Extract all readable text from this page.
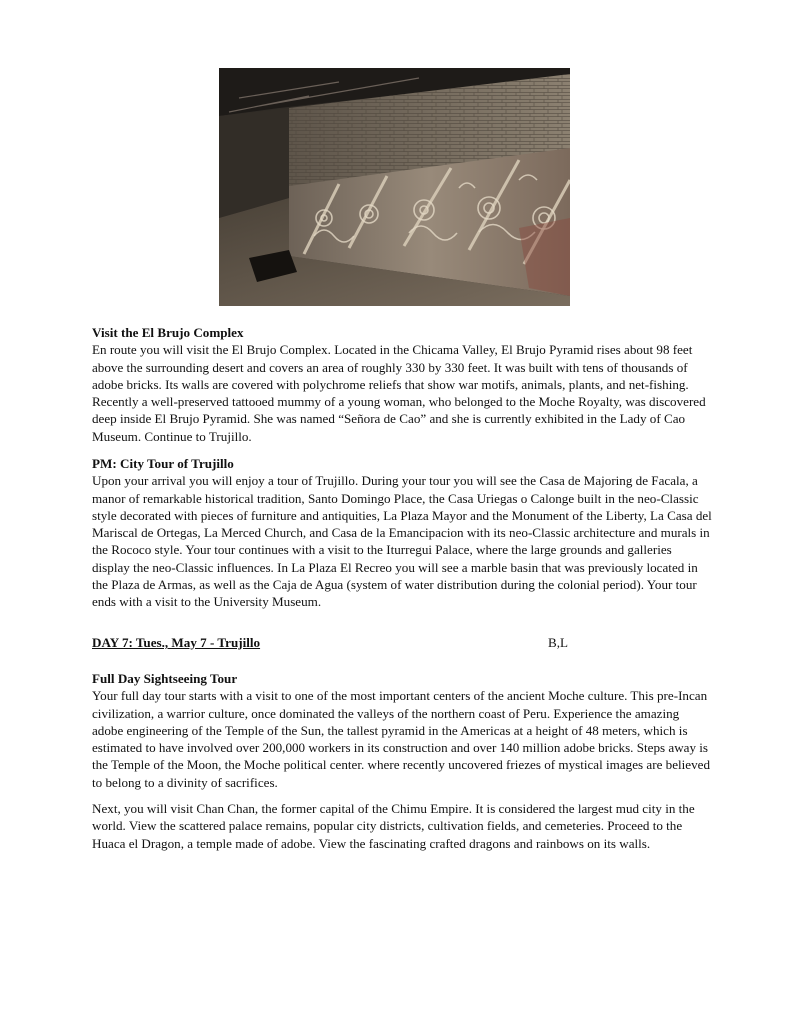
Visit the El Brujo Complex

En route you will visit the El Brujo Complex. Located in the Chicama Valley, El Brujo Pyramid rises about 98 feet above the surrounding desert and covers an area of roughly 330 by 330 feet. It was built with tens of thousands of adobe bricks. Its walls are covered with polychrome reliefs that show war motifs, animals, plants, and net-fishing. Recently a well-preserved tattooed mummy of a young woman, who belonged to the Moche Royalty, was discovered deep inside El Brujo Pyramid. She was named “Señora de Cao” and she is currently exhibited in the Lady of Cao Museum. Continue to Trujillo.

PM: City Tour of Trujillo

Upon your arrival you will enjoy a tour of Trujillo. During your tour you will see the Casa de Majoring de Facala, a manor of remarkable historical tradition, Santo Domingo Place, the Casa Uriegas o Calonge built in the neo-Classic style decorated with pieces of furniture and antiquities, La Plaza Mayor and the Monument of the Liberty, La Casa del Mariscal de Ortegas, La Merced Church, and Casa de la Emancipacion with its neo-Classic architecture and murals in the Rococo style. Your tour continues with a visit to the Iturregui Palace, where the large grounds and galleries display the neo-Classic influences. In La Plaza El Recreo you will see a marble basin that was previously located in the Plaza de Armas, as well as the Caja de Agua (system of water distribution during the colonial period). Your tour ends with a visit to the University Museum.

DAY 7: Tues., May 7 - Trujillo	B,L

Full Day Sightseeing Tour

Your full day tour starts with a visit to one of the most important centers of the ancient Moche culture. This pre-Incan civilization, a warrior culture, once dominated the valleys of the northern coast of Peru. Experience the amazing adobe engineering of the Temple of the Sun, the tallest pyramid in the Americas at a height of 48 meters, which is estimated to have involved over 200,000 workers in its construction and over 140 million adobe bricks. Steps away is the Temple of the Moon, the Moche political center. where recently uncovered friezes of mystical images are believed to belong to a divinity of sacrifices.

Next, you will visit Chan Chan, the former capital of the Chimu Empire. It is considered the largest mud city in the world. View the scattered palace remains, popular city districts, cultivation fields, and cemeteries. Proceed to the Huaca el Dragon, a temple made of adobe. View the fascinating crafted dragons and rainbows on its walls.
